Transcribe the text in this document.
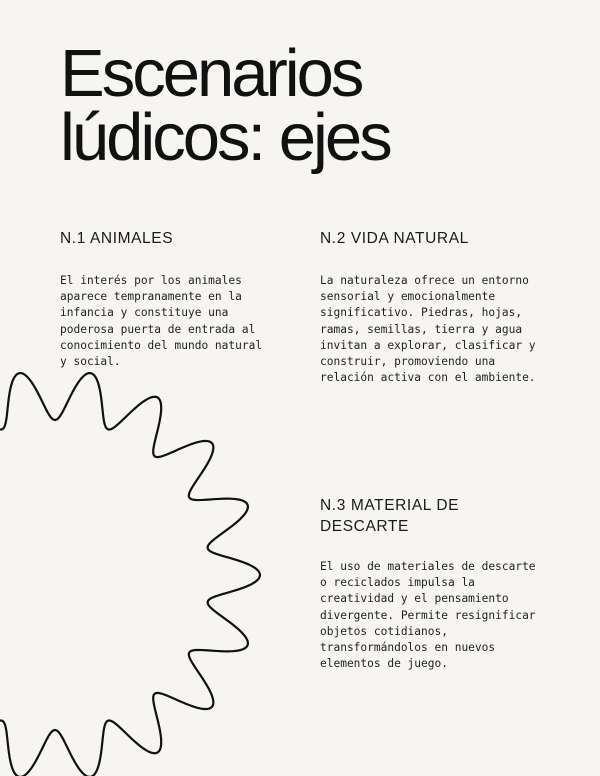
Escenarios
lúdicos: ejes
N.1 ANIMALES

El interés por los animales
aparece tempranamente en la
infancia y constituye una
poderosa puerta de entrada al
conocimiento del mundo natural
y social.

N.2 VIDA NATURAL

La naturaleza ofrece un entorno
sensorial y emocionalmente
significativo. Piedras, hojas,
ramas, semillas, tierra y agua
invitan a explorar, clasificar y
construir, promoviendo una
relación activa con el ambiente.

N.3 MATERIAL DE
DESCARTE

El uso de materiales de descarte
o reciclados impulsa la
creatividad y el pensamiento
divergente. Permite resignificar
objetos cotidianos,
transformándolos en nuevos
elementos de juego.
